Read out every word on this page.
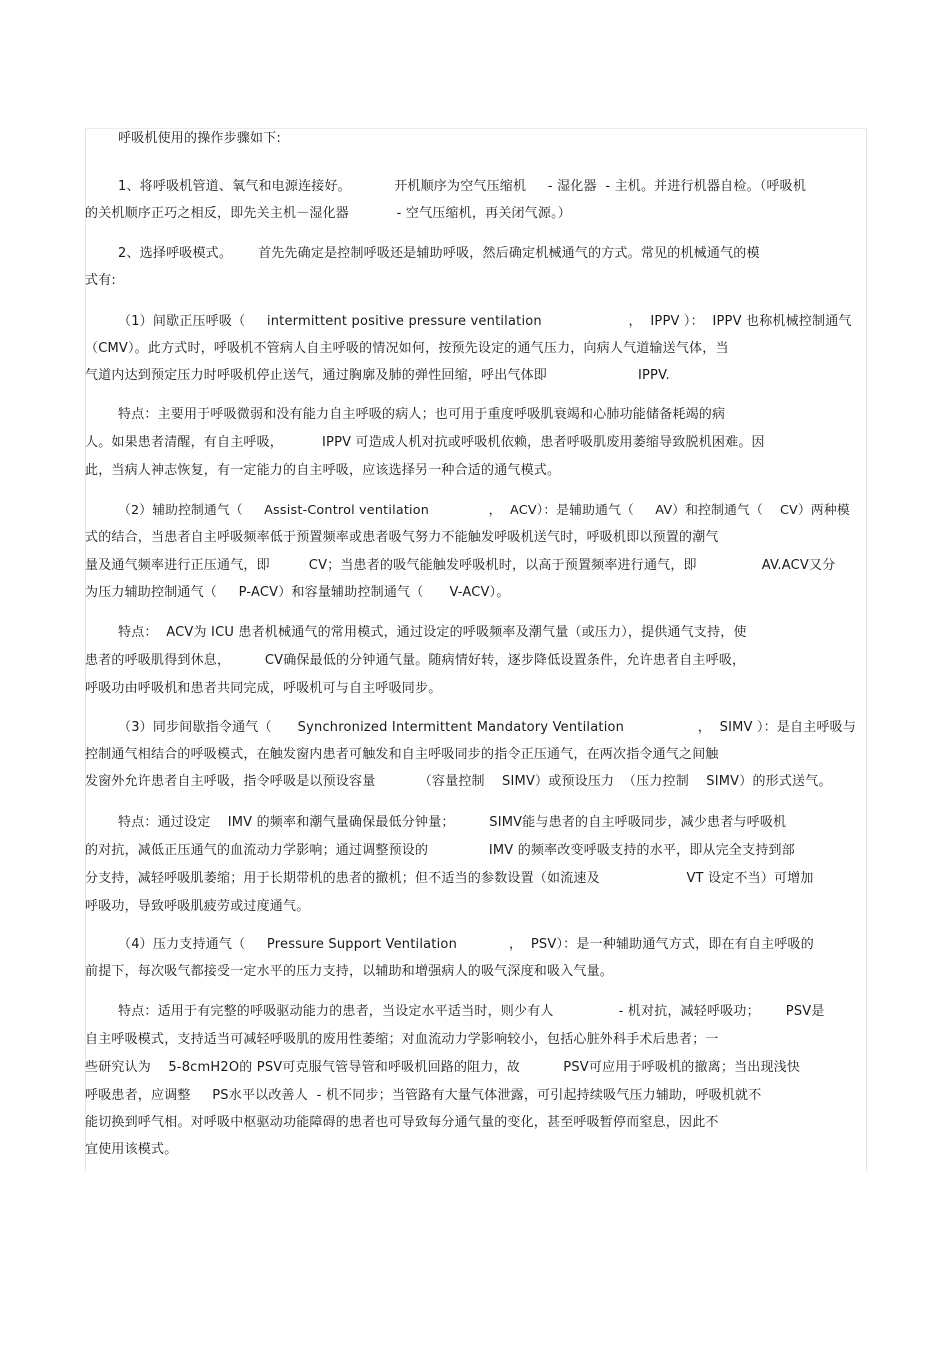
呼吸机使用的操作步骤如下:
1、将呼吸机管道、氧气和电源连接好。          开机顺序为空气压缩机     - 湿化器  - 主机。并进行机器自检。（呼吸机
的关机顺序正巧之相反，即先关主机－湿化器           - 空气压缩机，再关闭气源。）
2、选择呼吸模式。      首先先确定是控制呼吸还是辅助呼吸，然后确定机械通气的方式。常见的机械通气的模
式有:
（1）间歇正压呼吸（     intermittent positive pressure ventilation                    ，  IPPV ）：  IPPV 也称机械控制通气
（CMV）。此方式时，呼吸机不管病人自主呼吸的情况如何，按预先设定的通气压力，向病人气道输送气体，当
气道内达到预定压力时呼吸机停止送气，通过胸廓及肺的弹性回缩，呼出气体即                     IPPV.
特点：主要用于呼吸微弱和没有能力自主呼吸的病人；也可用于重度呼吸肌衰竭和心肺功能储备耗竭的病
人。如果患者清醒，有自主呼吸，         IPPV 可造成人机对抗或呼吸机依赖，患者呼吸肌废用萎缩导致脱机困难。因
此，当病人神志恢复，有一定能力的自主呼吸，应该选择另一种合适的通气模式。
（2）辅助控制通气（     Assist-Control ventilation              ，  ACV）：是辅助通气（     AV）和控制通气（    CV）两种模
式的结合，当患者自主呼吸频率低于预置频率或患者吸气努力不能触发呼吸机送气时，呼吸机即以预置的潮气
量及通气频率进行正压通气，即         CV；当患者的吸气能触发呼吸机时，以高于预置频率进行通气，即               AV.ACV又分
为压力辅助控制通气（     P-ACV）和容量辅助控制通气（      V-ACV）。
特点：  ACV为 ICU 患者机械通气的常用模式，通过设定的呼吸频率及潮气量（或压力），提供通气支持，使
患者的呼吸肌得到休息，        CV确保最低的分钟通气量。随病情好转，逐步降低设置条件，允许患者自主呼吸，
呼吸功由呼吸机和患者共同完成，呼吸机可与自主呼吸同步。
（3）同步间歇指令通气（      Synchronized Intermittent Mandatory Ventilation                 ，  SIMV ）：是自主呼吸与
控制通气相结合的呼吸模式，在触发窗内患者可触发和自主呼吸同步的指令正压通气，在两次指令通气之间触
发窗外允许患者自主呼吸，指令呼吸是以预设容量          （容量控制    SIMV）或预设压力  （压力控制    SIMV）的形式送气。
特点：通过设定    IMV 的频率和潮气量确保最低分钟量；        SIMV能与患者的自主呼吸同步，减少患者与呼吸机
的对抗，减低正压通气的血流动力学影响；通过调整预设的              IMV 的频率改变呼吸支持的水平，即从完全支持到部
分支持，减轻呼吸肌萎缩；用于长期带机的患者的撤机；但不适当的参数设置（如流速及                    VT 设定不当）可增加
呼吸功，导致呼吸肌疲劳或过度通气。
（4）压力支持通气（     Pressure Support Ventilation            ，  PSV）：是一种辅助通气方式，即在有自主呼吸的
前提下，每次吸气都接受一定水平的压力支持，以辅助和增强病人的吸气深度和吸入气量。
特点：适用于有完整的呼吸驱动能力的患者，当设定水平适当时，则少有人               - 机对抗，减轻呼吸功；      PSV是
自主呼吸模式，支持适当可减轻呼吸肌的废用性萎缩；对血流动力学影响较小，包括心脏外科手术后患者；一
些研究认为    5-8cmH2O的 PSV可克服气管导管和呼吸机回路的阻力，故          PSV可应用于呼吸机的撤离；当出现浅快
呼吸患者，应调整     PS水平以改善人  - 机不同步；当管路有大量气体泄露，可引起持续吸气压力辅助，呼吸机就不
能切换到呼气相。对呼吸中枢驱动功能障碍的患者也可导致每分通气量的变化，甚至呼吸暂停而窒息，因此不
宜使用该模式。
